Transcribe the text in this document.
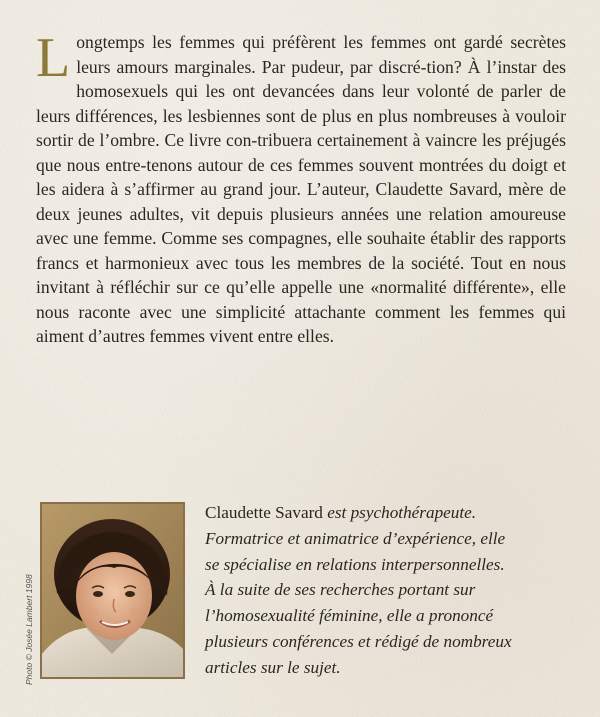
Longtemps les femmes qui préfèrent les femmes ont gardé secrètes leurs amours marginales. Par pudeur, par discré-tion? À l’instar des homosexuels qui les ont devancées dans leur volonté de parler de leurs différences, les lesbiennes sont de plus en plus nombreuses à vouloir sortir de l’ombre. Ce livre con-tribuera certainement à vaincre les préjugés que nous entre-tenons autour de ces femmes souvent montrées du doigt et les aidera à s’affirmer au grand jour. L’auteur, Claudette Savard, mère de deux jeunes adultes, vit depuis plusieurs années une relation amoureuse avec une femme. Comme ses compagnes, elle souhaite établir des rapports francs et harmonieux avec tous les membres de la société. Tout en nous invitant à réfléchir sur ce qu’elle appelle une «normalité différente», elle nous raconte avec une simplicité attachante comment les femmes qui aiment d’autres femmes vivent entre elles.

Photo © Josée Lambert 1998

Claudette Savard est psychothérapeute.
Formatrice et animatrice d’expérience, elle
se spécialise en relations interpersonnelles.
À la suite de ses recherches portant sur
l’homosexualité féminine, elle a prononcé
plusieurs conférences et rédigé de nombreux
articles sur le sujet.
